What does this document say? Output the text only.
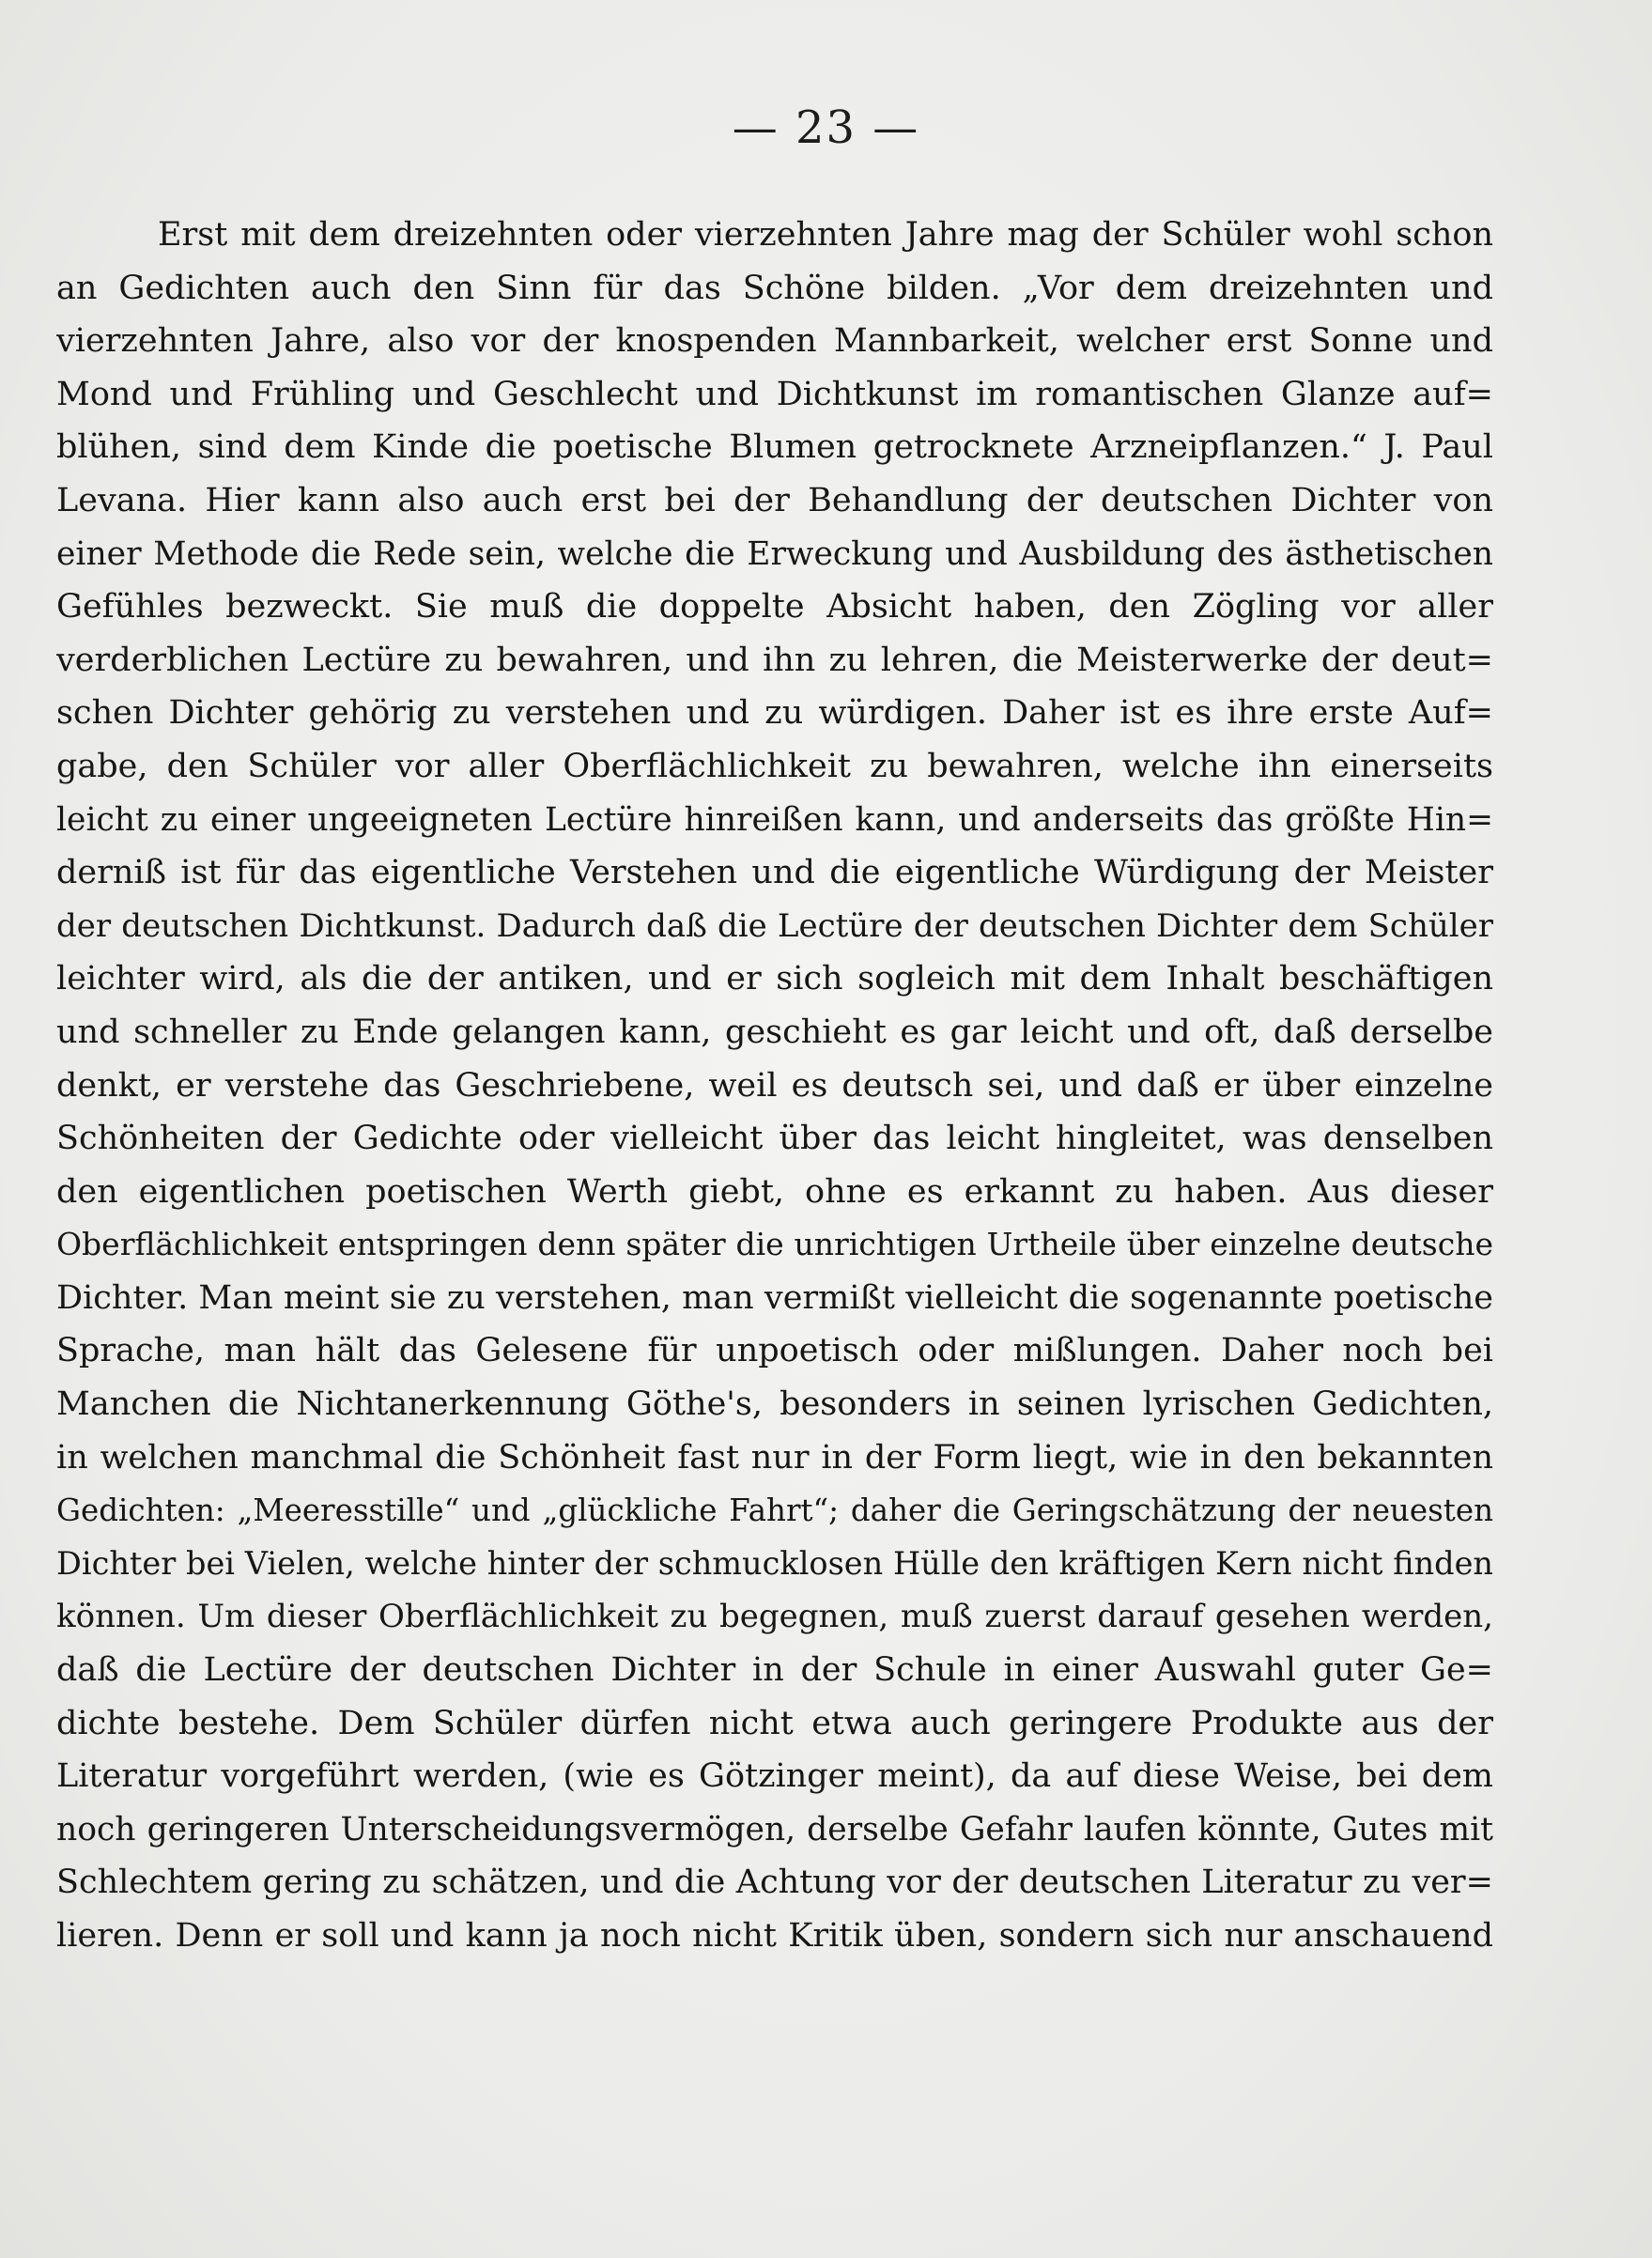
— 23 —
Erst mit dem dreizehnten oder vierzehnten Jahre mag der Schüler wohl schon
an Gedichten auch den Sinn für das Schöne bilden. „Vor dem dreizehnten und
vierzehnten Jahre, also vor der knospenden Mannbarkeit, welcher erst Sonne und
Mond und Frühling und Geschlecht und Dichtkunst im romantischen Glanze auf=
blühen, sind dem Kinde die poetische Blumen getrocknete Arzneipflanzen.“ J. Paul
Levana. Hier kann also auch erst bei der Behandlung der deutschen Dichter von
einer Methode die Rede sein, welche die Erweckung und Ausbildung des ästhetischen
Gefühles bezweckt. Sie muß die doppelte Absicht haben, den Zögling vor aller
verderblichen Lectüre zu bewahren, und ihn zu lehren, die Meisterwerke der deut=
schen Dichter gehörig zu verstehen und zu würdigen. Daher ist es ihre erste Auf=
gabe, den Schüler vor aller Oberflächlichkeit zu bewahren, welche ihn einerseits
leicht zu einer ungeeigneten Lectüre hinreißen kann, und anderseits das größte Hin=
derniß ist für das eigentliche Verstehen und die eigentliche Würdigung der Meister
der deutschen Dichtkunst. Dadurch daß die Lectüre der deutschen Dichter dem Schüler
leichter wird, als die der antiken, und er sich sogleich mit dem Inhalt beschäftigen
und schneller zu Ende gelangen kann, geschieht es gar leicht und oft, daß derselbe
denkt, er verstehe das Geschriebene, weil es deutsch sei, und daß er über einzelne
Schönheiten der Gedichte oder vielleicht über das leicht hingleitet, was denselben
den eigentlichen poetischen Werth giebt, ohne es erkannt zu haben. Aus dieser
Oberflächlichkeit entspringen denn später die unrichtigen Urtheile über einzelne deutsche
Dichter. Man meint sie zu verstehen, man vermißt vielleicht die sogenannte poetische
Sprache, man hält das Gelesene für unpoetisch oder mißlungen. Daher noch bei
Manchen die Nichtanerkennung Göthe's, besonders in seinen lyrischen Gedichten,
in welchen manchmal die Schönheit fast nur in der Form liegt, wie in den bekannten
Gedichten: „Meeresstille“ und „glückliche Fahrt“; daher die Geringschätzung der neuesten
Dichter bei Vielen, welche hinter der schmucklosen Hülle den kräftigen Kern nicht finden
können. Um dieser Oberflächlichkeit zu begegnen, muß zuerst darauf gesehen werden,
daß die Lectüre der deutschen Dichter in der Schule in einer Auswahl guter Ge=
dichte bestehe. Dem Schüler dürfen nicht etwa auch geringere Produkte aus der
Literatur vorgeführt werden, (wie es Götzinger meint), da auf diese Weise, bei dem
noch geringeren Unterscheidungsvermögen, derselbe Gefahr laufen könnte, Gutes mit
Schlechtem gering zu schätzen, und die Achtung vor der deutschen Literatur zu ver=
lieren. Denn er soll und kann ja noch nicht Kritik üben, sondern sich nur anschauend
